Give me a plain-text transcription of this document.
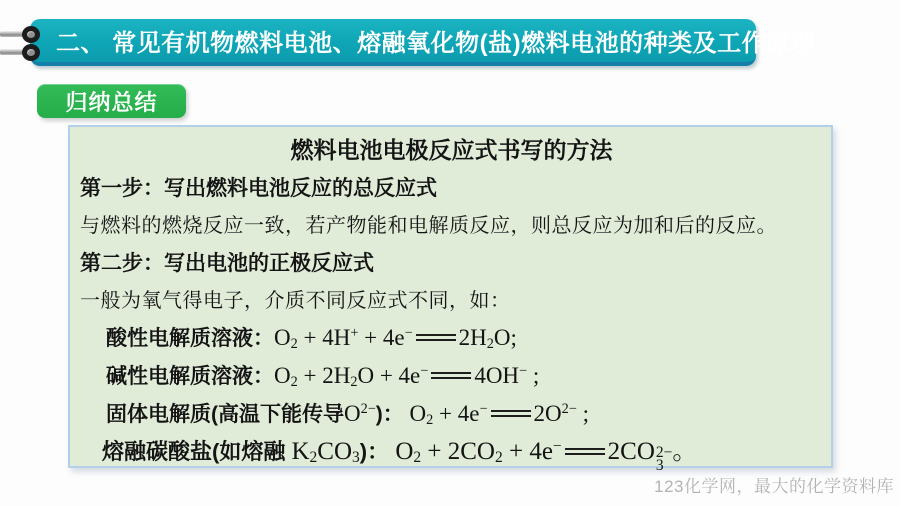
二、 常见有机物燃料电池、熔融氧化物(盐)燃料电池的种类及工作原理
归纳总结
燃料电池电极反应式书写的方法
第一步：写出燃料电池反应的总反应式
与燃料的燃烧反应一致，若产物能和电解质反应，则总反应为加和后的反应。
第二步：写出电池的正极反应式
一般为氧气得电子，介质不同反应式不同，如：
酸性电解质溶液：$O_2 + 4H^+ + 4e^-$ $2H_2O$;
碱性电解质溶液：$O_2 + 2H_2O + 4e^-$ 4OH− ;
固体电解质(高温下能传导$O^{2-}$)： $O_2 + 4e^-$ $2O^{2-}$ ;
熔融碳酸盐(如熔融 $K_2CO_3$)： $O_2 + 2CO_2 + 4e^-$ 2CO 2−
3 。
123化学网，最大的化学资料库
